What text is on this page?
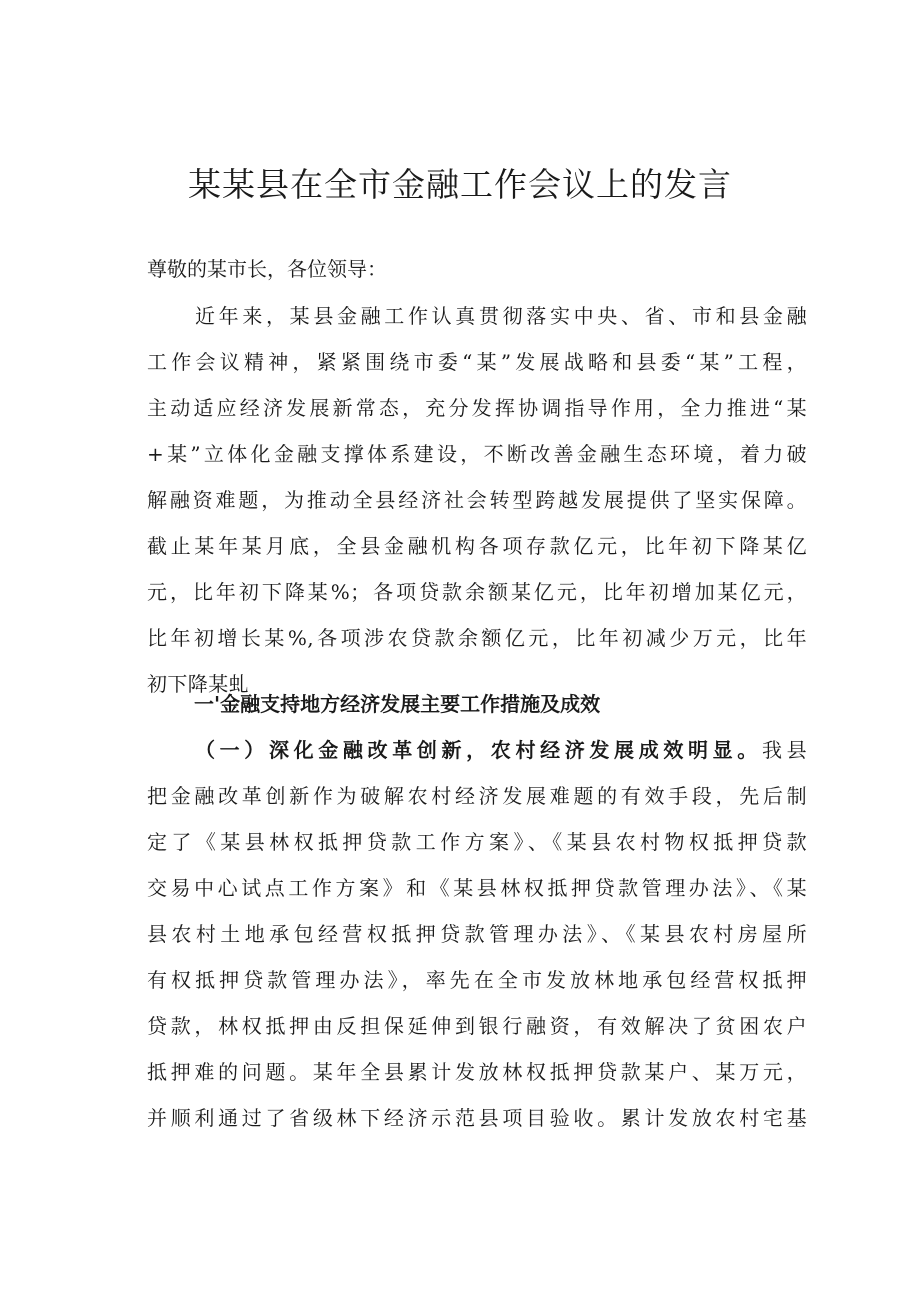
某某县在全市金融工作会议上的发言
尊敬的某市长，各位领导：
近年来，某县金融工作认真贯彻落实中央、省、市和县金融
工作会议精神，紧紧围绕市委“某”发展战略和县委“某”工程，
主动适应经济发展新常态，充分发挥协调指导作用，全力推进“某
+某”立体化金融支撑体系建设，不断改善金融生态环境，着力破
解融资难题，为推动全县经济社会转型跨越发展提供了坚实保障。
截止某年某月底，全县金融机构各项存款亿元，比年初下降某亿
元，比年初下降某%；各项贷款余额某亿元，比年初增加某亿元，
比年初增长某%,各项涉农贷款余额亿元，比年初减少万元，比年
初下降某虬
一'金融支持地方经济发展主要工作措施及成效
（一）深化金融改革创新，农村经济发展成效明显。我县
把金融改革创新作为破解农村经济发展难题的有效手段，先后制
定了《某县林权抵押贷款工作方案》、《某县农村物权抵押贷款
交易中心试点工作方案》和《某县林权抵押贷款管理办法》、《某
县农村土地承包经营权抵押贷款管理办法》、《某县农村房屋所
有权抵押贷款管理办法》，率先在全市发放林地承包经营权抵押
贷款，林权抵押由反担保延伸到银行融资，有效解决了贫困农户
抵押难的问题。某年全县累计发放林权抵押贷款某户、某万元，
并顺利通过了省级林下经济示范县项目验收。累计发放农村宅基
